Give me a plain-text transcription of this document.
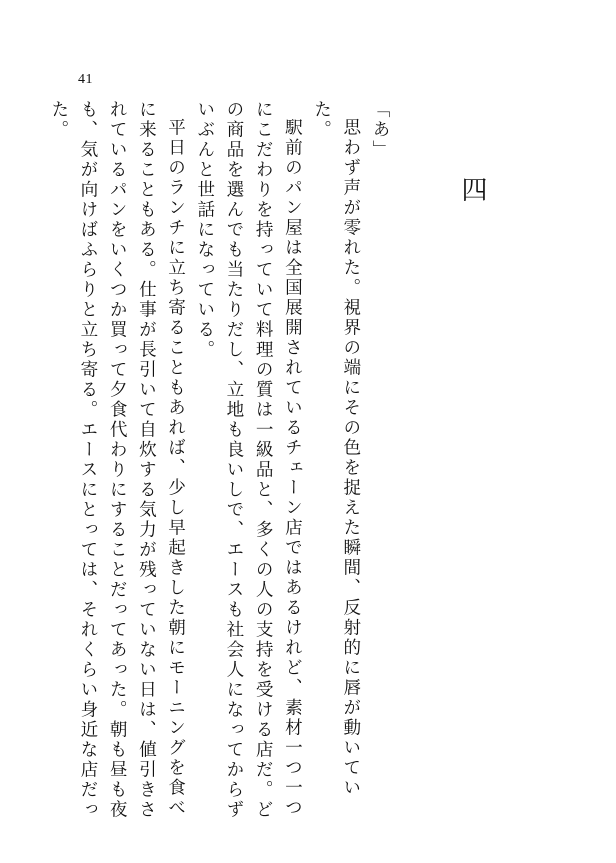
41
四

「あ」

思わず声が零れた。視界の端にその色を捉えた瞬間、反射的に唇が動いていた。

駅前のパン屋は全国展開されているチェーン店ではあるけれど、素材一つ一つにこだわりを持っていて料理の質は一級品と、多くの人の支持を受ける店だ。どの商品を選んでも当たりだし、立地も良いしで、エースも社会人になってからずいぶんと世話になっている。

平日のランチに立ち寄ることもあれば、少し早起きした朝にモーニングを食べに来ることもある。仕事が長引いて自炊する気力が残っていない日は、値引きされているパンをいくつか買って夕食代わりにすることだってあった。朝も昼も夜も、気が向けばふらりと立ち寄る。エースにとっては、それくらい身近な店だった。
